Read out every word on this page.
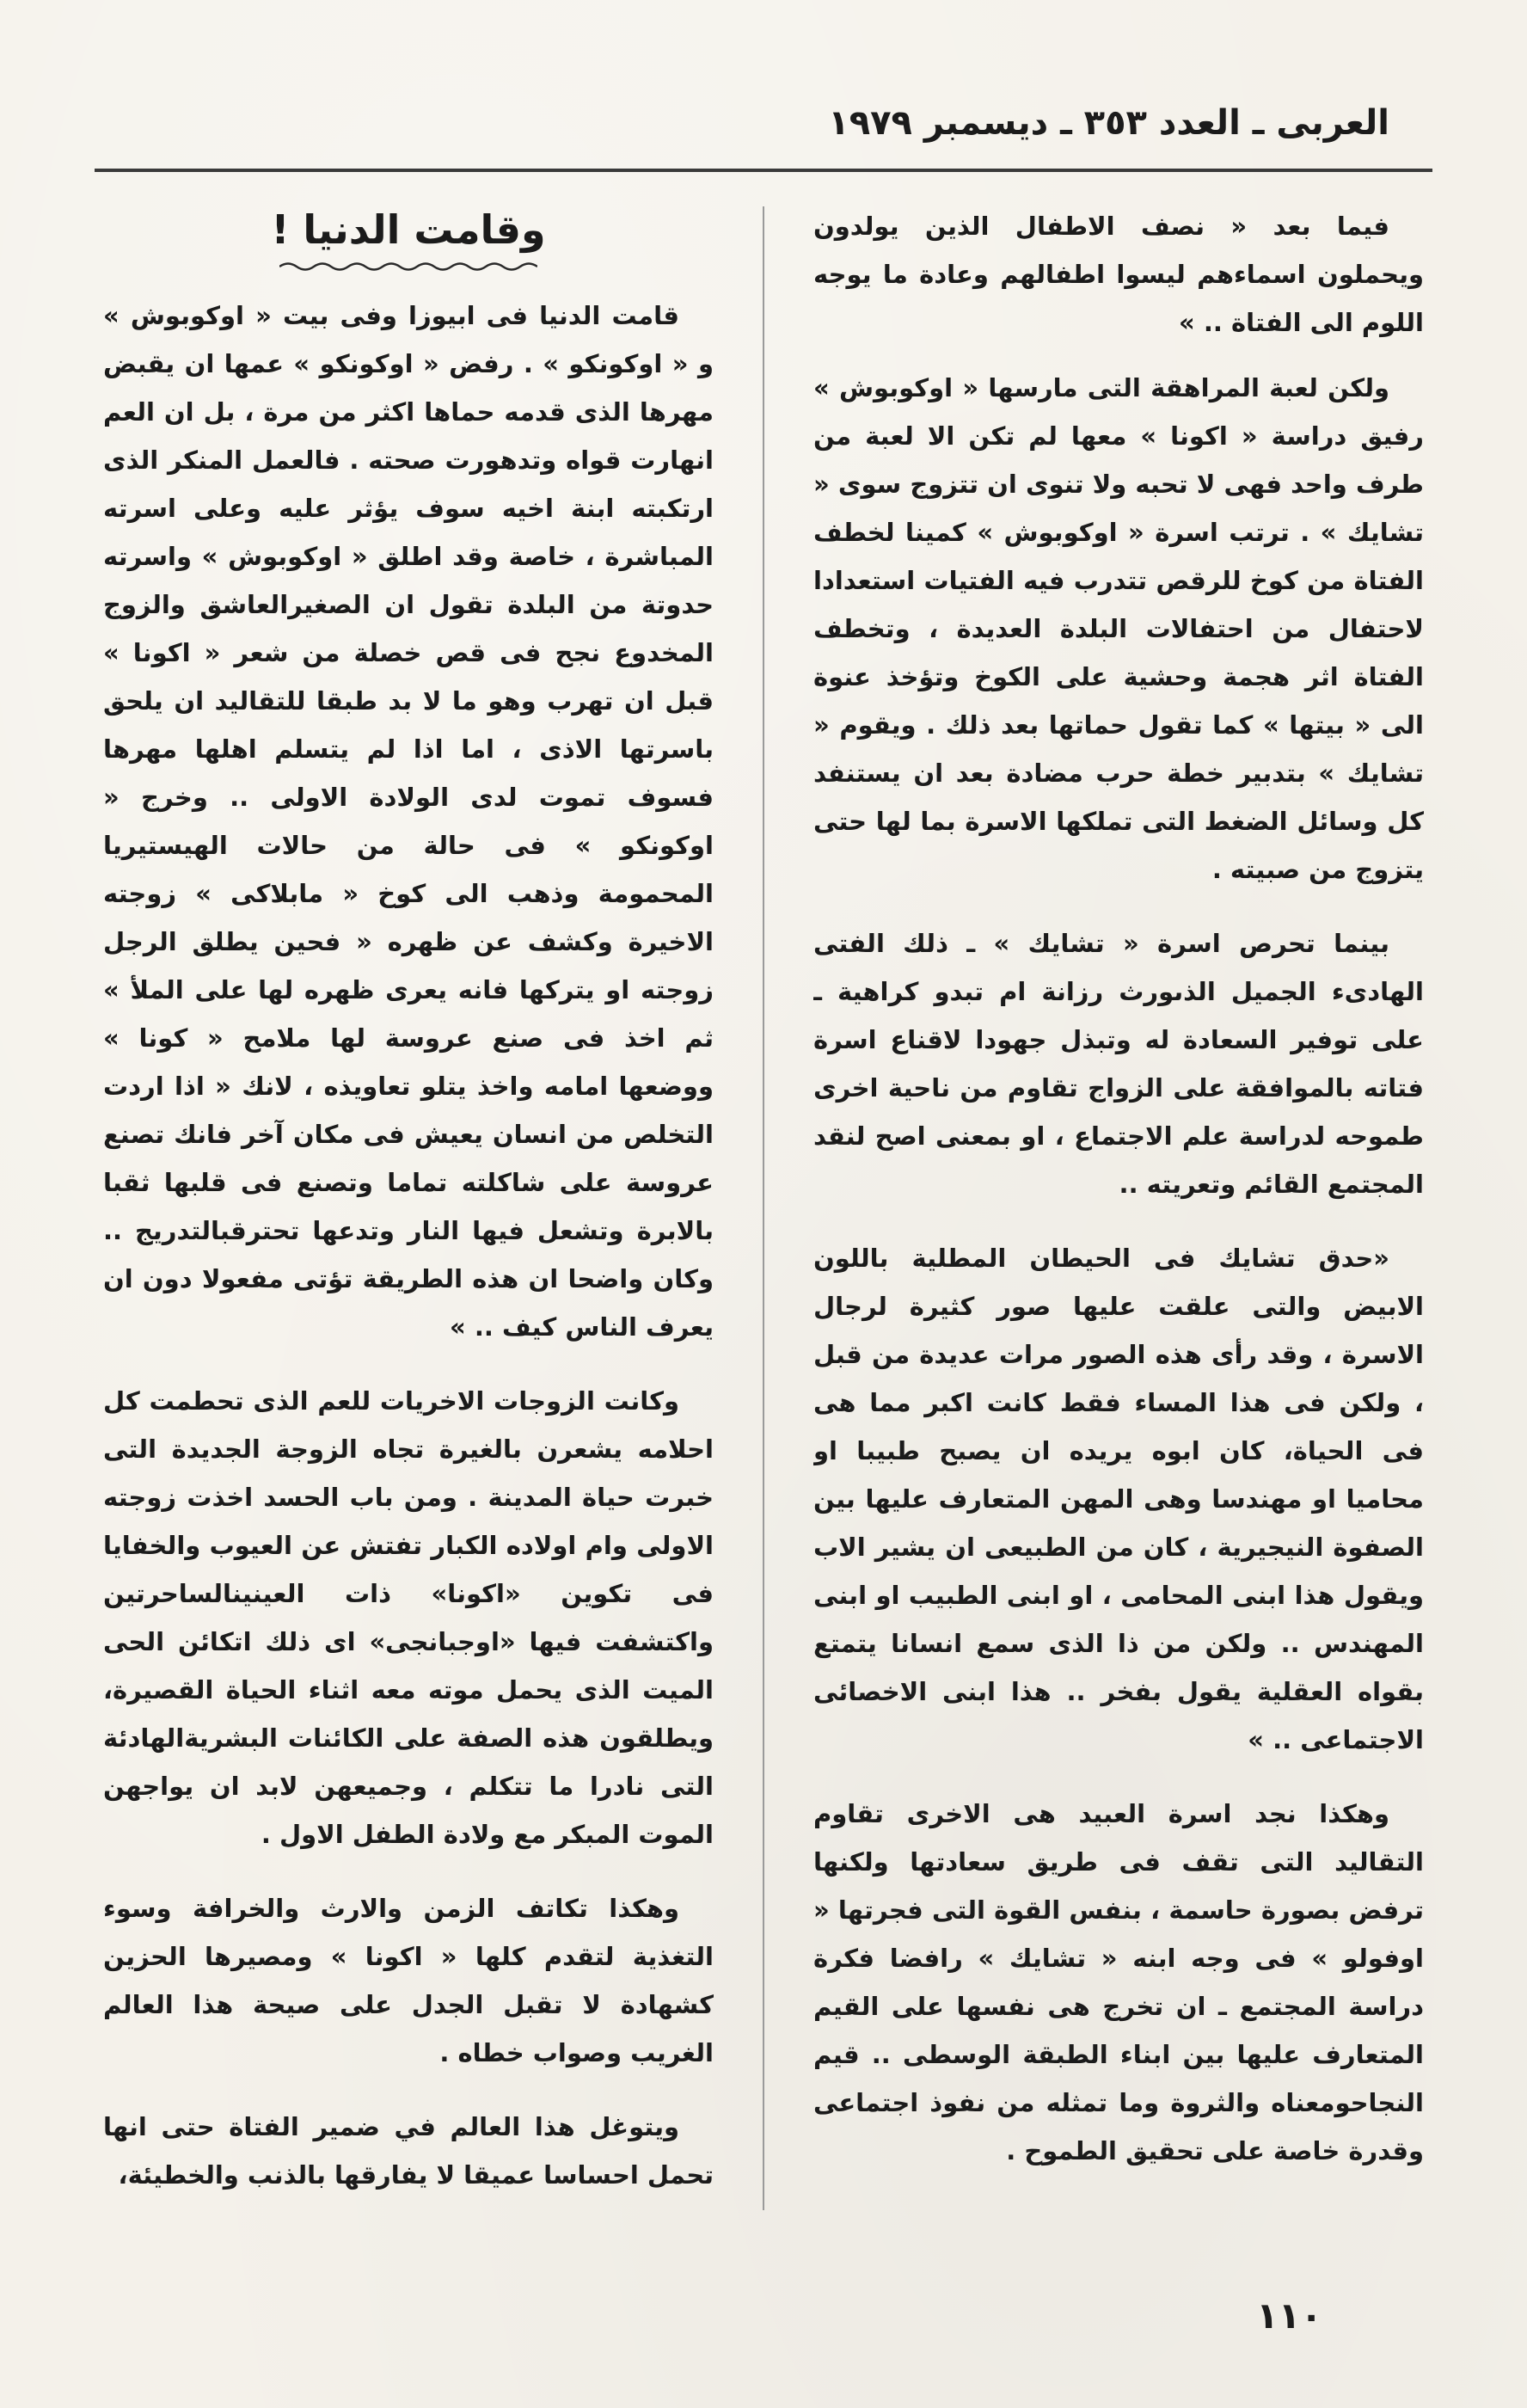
العربى ـ العدد ٣٥٣ ـ ديسمبر ١٩٧٩

فيما بعد « نصف الاطفال الذين يولدون ويحملون اسماءهم ليسوا اطفالهم وعادة ما يوجه اللوم الى الفتاة .. »

ولكن لعبة المراهقة التى مارسها « اوكوبوش » رفيق دراسة « اكونا » معها لم تكن الا لعبة من طرف واحد فهى لا تحبه ولا تنوى ان تتزوج سوى « تشايك » . ترتب اسرة « اوكوبوش » كمينا لخطف الفتاة من كوخ للرقص تتدرب فيه الفتيات استعدادا لاحتفال من احتفالات البلدة العديدة ، وتخطف الفتاة اثر هجمة وحشية على الكوخ وتؤخذ عنوة الى « بيتها » كما تقول حماتها بعد ذلك . ويقوم « تشايك » بتدبير خطة حرب مضادة بعد ان يستنفد كل وسائل الضغط التى تملكها الاسرة بما لها حتى يتزوج من صبيته .

بينما تحرص اسرة « تشايك » ـ ذلك الفتى الهادىء الجميل الذىورث رزانة ام تبدو كراهية ـ على توفير السعادة له وتبذل جهودا لاقناع اسرة فتاته بالموافقة على الزواج تقاوم من ناحية اخرى طموحه لدراسة علم الاجتماع ، او بمعنى اصح لنقد المجتمع القائم وتعريته ..

«حدق تشايك فى الحيطان المطلية باللون الابيض والتى علقت عليها صور كثيرة لرجال الاسرة ، وقد رأى هذه الصور مرات عديدة من قبل ، ولكن فى هذا المساء فقط كانت اكبر مما هى فى الحياة، كان ابوه يريده ان يصبح طبيبا او محاميا او مهندسا وهى المهن المتعارف عليها بين الصفوة النيجيرية ، كان من الطبيعى ان يشير الاب ويقول هذا ابنى المحامى ، او ابنى الطبيب او ابنى المهندس .. ولكن من ذا الذى سمع انسانا يتمتع بقواه العقلية يقول بفخر .. هذا ابنى الاخصائى الاجتماعى .. »

وهكذا نجد اسرة العبيد هى الاخرى تقاوم التقاليد التى تقف فى طريق سعادتها ولكنها ترفض بصورة حاسمة ، بنفس القوة التى فجرتها « اوفولو » فى وجه ابنه « تشايك » رافضا فكرة دراسة المجتمع ـ ان تخرج هى نفسها على القيم المتعارف عليها بين ابناء الطبقة الوسطى .. قيم النجاحومعناه والثروة وما تمثله من نفوذ اجتماعى وقدرة خاصة على تحقيق الطموح .

وقامت الدنيا !

قامت الدنيا فى ابيوزا وفى بيت « اوكوبوش » و « اوكونكو » . رفض « اوكونكو » عمها ان يقبض مهرها الذى قدمه حماها اكثر من مرة ، بل ان العم انهارت قواه وتدهورت صحته . فالعمل المنكر الذى ارتكبته ابنة اخيه سوف يؤثر عليه وعلى اسرته المباشرة ، خاصة وقد اطلق « اوكوبوش » واسرته حدوتة من البلدة تقول ان الصغيرالعاشق والزوج المخدوع نجح فى قص خصلة من شعر « اكونا » قبل ان تهرب وهو ما لا بد طبقا للتقاليد ان يلحق باسرتها الاذى ، اما اذا لم يتسلم اهلها مهرها فسوف تموت لدى الولادة الاولى .. وخرج « اوكونكو » فى حالة من حالات الهيستيريا المحمومة وذهب الى كوخ « مابلاكى » زوجته الاخيرة وكشف عن ظهره « فحين يطلق الرجل زوجته او يتركها فانه يعرى ظهره لها على الملأ » ثم اخذ فى صنع عروسة لها ملامح « كونا » ووضعها امامه واخذ يتلو تعاويذه ، لانك « اذا اردت التخلص من انسان يعيش فى مكان آخر فانك تصنع عروسة على شاكلته تماما وتصنع فى قلبها ثقبا بالابرة وتشعل فيها النار وتدعها تحترقبالتدريج .. وكان واضحا ان هذه الطريقة تؤتى مفعولا دون ان يعرف الناس كيف .. »

وكانت الزوجات الاخريات للعم الذى تحطمت كل احلامه يشعرن بالغيرة تجاه الزوجة الجديدة التى خبرت حياة المدينة . ومن باب الحسد اخذت زوجته الاولى وام اولاده الكبار تفتش عن العيوب والخفايا فى تكوين «اكونا» ذات العينينالساحرتين واكتشفت فيها «اوجبانجى» اى ذلك اتكائن الحى الميت الذى يحمل موته معه اثناء الحياة القصيرة، ويطلقون هذه الصفة على الكائنات البشريةالهادئة التى نادرا ما تتكلم ، وجميعهن لابد ان يواجهن الموت المبكر مع ولادة الطفل الاول .

وهكذا تكاتف الزمن والارث والخرافة وسوء التغذية لتقدم كلها « اكونا » ومصيرها الحزين كشهادة لا تقبل الجدل على صيحة هذا العالم الغريب وصواب خطاه .

ويتوغل هذا العالم في ضمير الفتاة حتى انها تحمل احساسا عميقا لا يفارقها بالذنب والخطيئة،

١١٠
